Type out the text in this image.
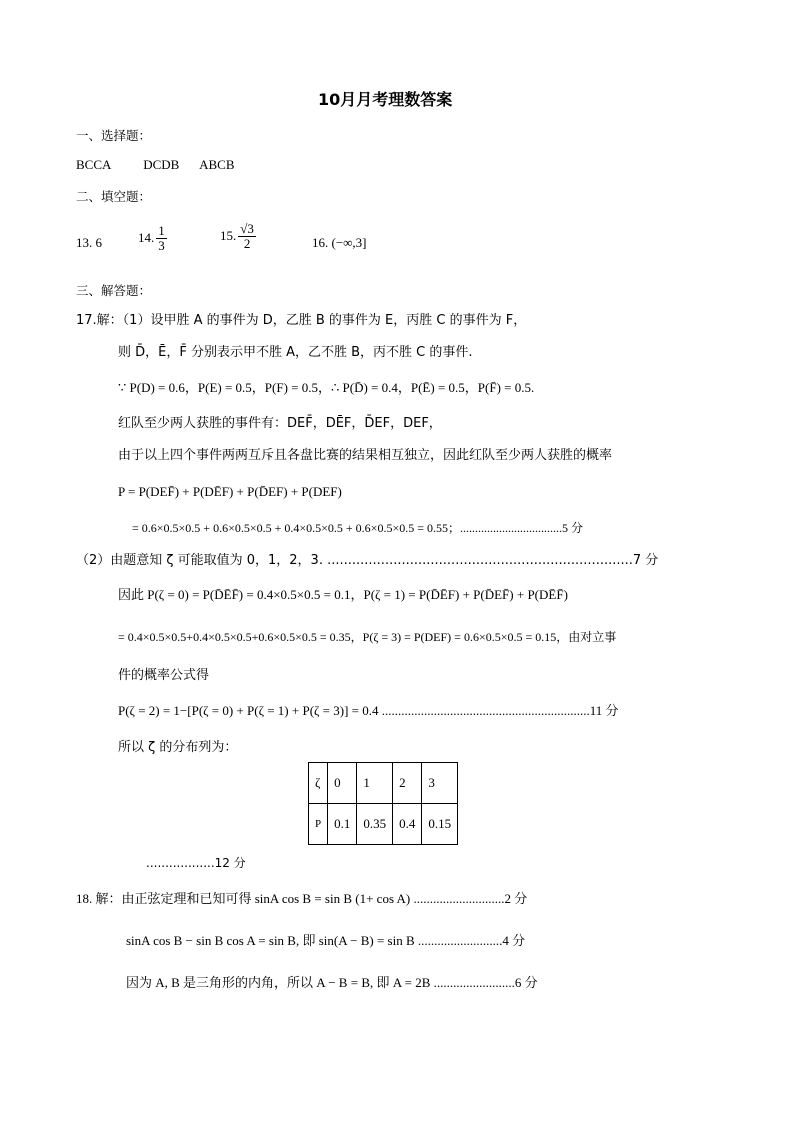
10月月考理数答案
一、选择题：
BCCA	DCDB ABCB
二、填空题：
13. 6	14. $\frac{1}{3}$	15. $\frac{√3}{2}$	16. (−∞,3]
三、解答题：
17.解：（1）设甲胜 A 的事件为 D，乙胜 B 的事件为 E，丙胜 C 的事件为 F，
则 D̄，Ē，F̄ 分别表示甲不胜 A，乙不胜 B，丙不胜 C 的事件.
∵ P(D) = 0.6，P(E) = 0.5，P(F) = 0.5，∴ P(D̄) = 0.4，P(Ē) = 0.5，P(F̄) = 0.5.
红队至少两人获胜的事件有：DEF̄，DĒF，D̄EF，DEF，
由于以上四个事件两两互斥且各盘比赛的结果相互独立，因此红队至少两人获胜的概率
P = P(DEF̄) + P(DĒF) + P(D̄EF) + P(DEF)
= 0.6×0.5×0.5 + 0.6×0.5×0.5 + 0.4×0.5×0.5 + 0.6×0.5×0.5 = 0.55；..................................5 分
（2）由题意知 ζ 可能取值为 0，1，2，3. ..........................................................................7 分
因此 P(ζ = 0) = P(D̄ĒF̄) = 0.4×0.5×0.5 = 0.1，P(ζ = 1) = P(D̄ĒF) + P(D̄EF̄) + P(DĒF̄)
= 0.4×0.5×0.5+0.4×0.5×0.5+0.6×0.5×0.5 = 0.35，P(ζ = 3) = P(DEF) = 0.6×0.5×0.5 = 0.15，由对立事
件的概率公式得
P(ζ = 2) = 1−[P(ζ = 0) + P(ζ = 1) + P(ζ = 3)] = 0.4 ................................................................11 分
所以 ζ 的分布列为：
ζ	0	1	2	3
P	0.1	0.35	0.4	0.15
..................12 分
18. 解：由正弦定理和已知可得 sinA cos B = sin B (1+ cos A) ............................2 分
sinA cos B − sin B cos A = sin B, 即 sin(A − B) = sin B ..........................4 分
因为 A, B 是三角形的内角，所以 A − B = B, 即 A = 2B .........................6 分
